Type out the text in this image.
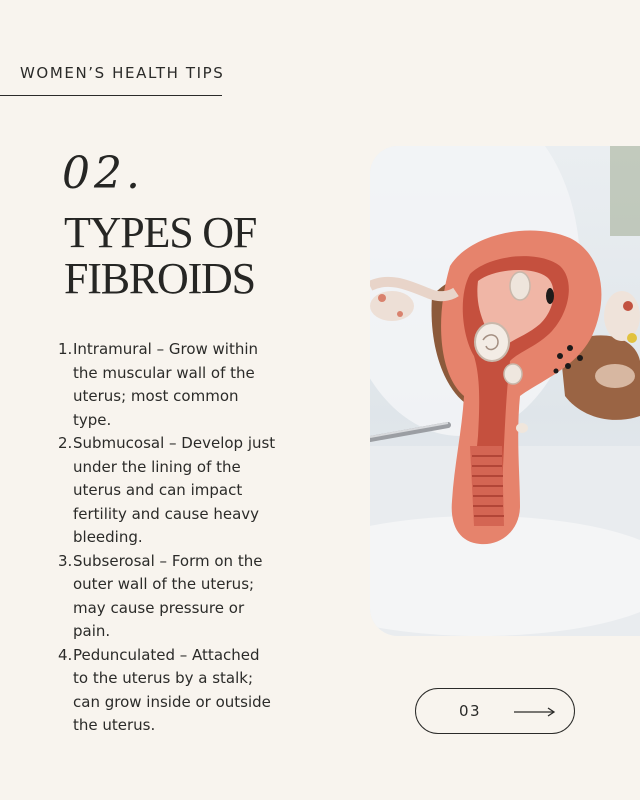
WOMEN’S HEALTH TIPS

02.
TYPES OF
FIBROIDS
1. Intramural – Grow within
the muscular wall of the
uterus; most common
type.
2. Submucosal – Develop just
under the lining of the
uterus and can impact
fertility and cause heavy
bleeding.
3. Subserosal – Form on the
outer wall of the uterus;
may cause pressure or
pain.
4. Pedunculated – Attached
to the uterus by a stalk;
can grow inside or outside
the uterus.
03
